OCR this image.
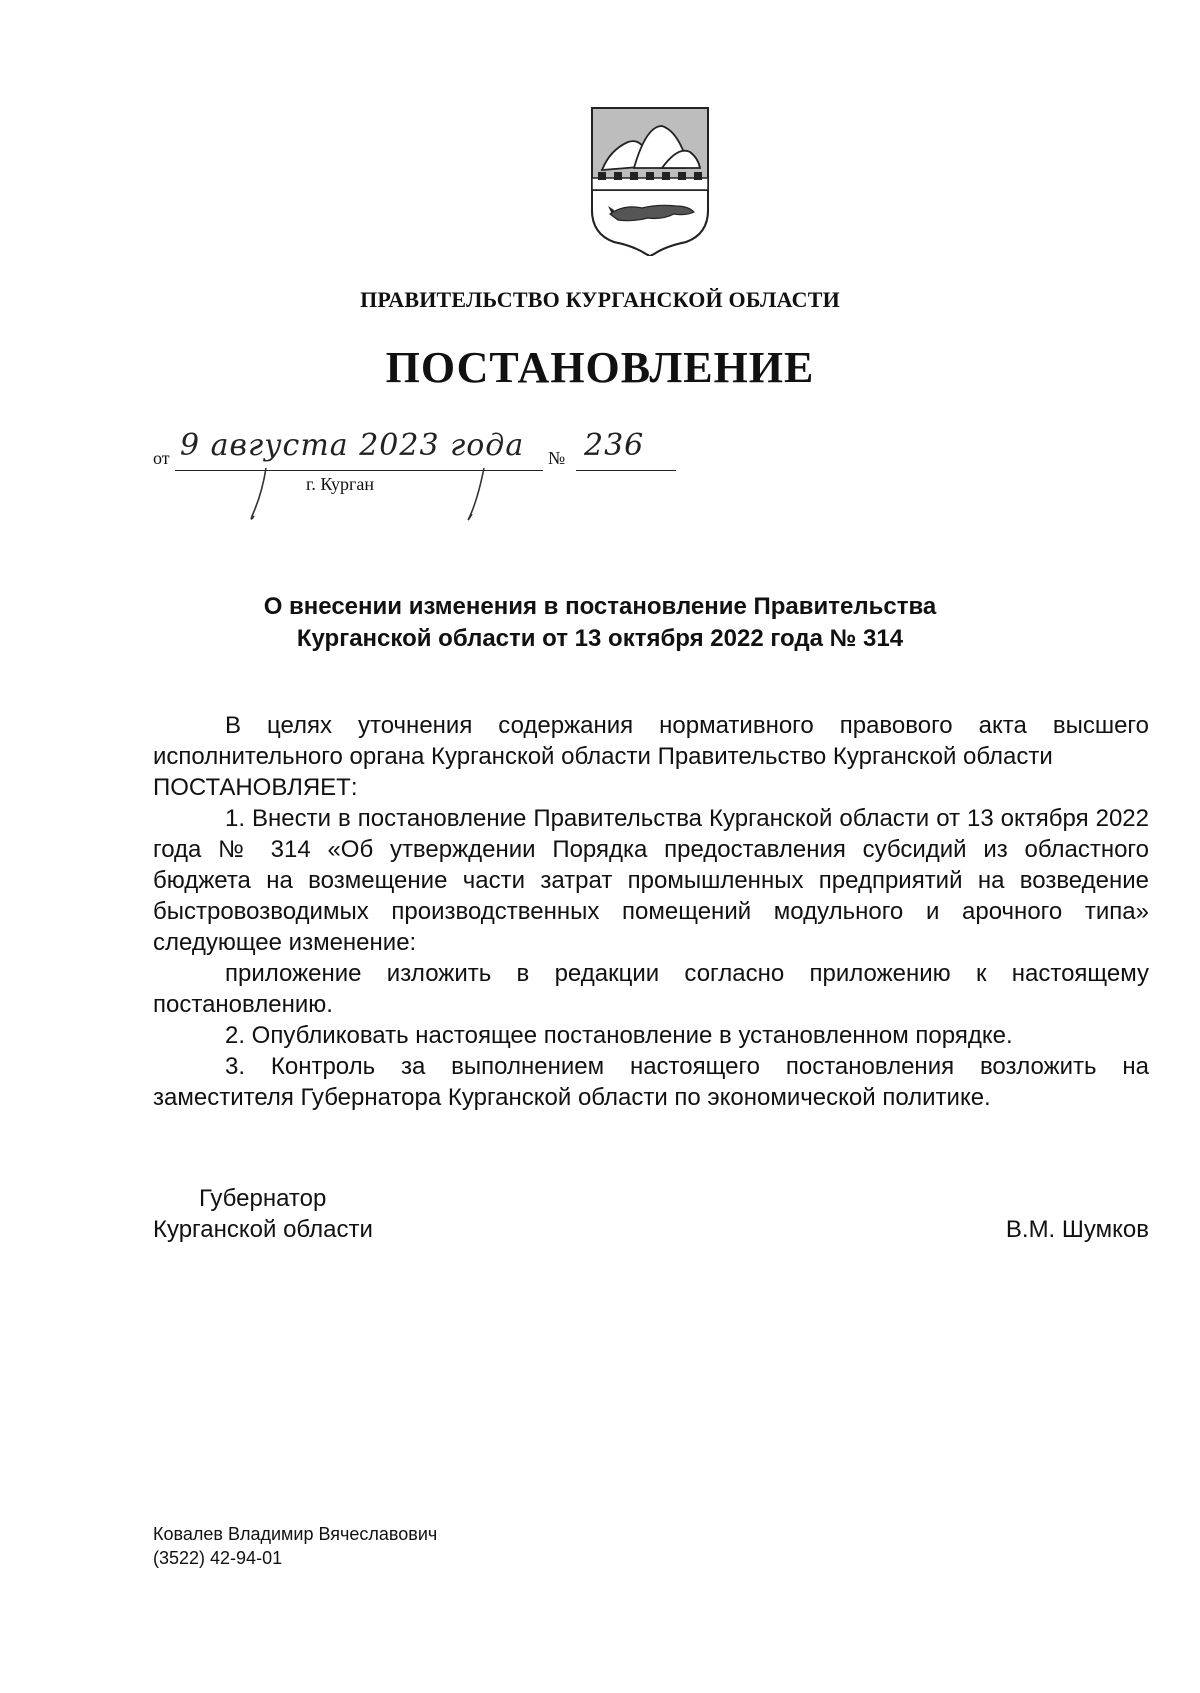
ПРАВИТЕЛЬСТВО КУРГАНСКОЙ ОБЛАСТИ
ПОСТАНОВЛЕНИЕ
от 9 августа 2023 года № 236
г. Курган
О внесении изменения в постановление Правительства
Курганской области от 13 октября 2022 года № 314

В целях уточнения содержания нормативного правового акта высшего исполнительного органа Курганской области Правительство Курганской области

ПОСТАНОВЛЯЕТ:

1. Внести в постановление Правительства Курганской области от 13 октября 2022 года № 314 «Об утверждении Порядка предоставления субсидий из областного бюджета на возмещение части затрат промышленных предприятий на возведение быстровозводимых производственных помещений модульного и арочного типа» следующее изменение:

приложение изложить в редакции согласно приложению к настоящему постановлению.

2. Опубликовать настоящее постановление в установленном порядке.

3. Контроль за выполнением настоящего постановления возложить на заместителя Губернатора Курганской области по экономической политике.

Губернатор
Курганской области	В.М. Шумков
Ковалев Владимир Вячеславович
(3522) 42-94-01
